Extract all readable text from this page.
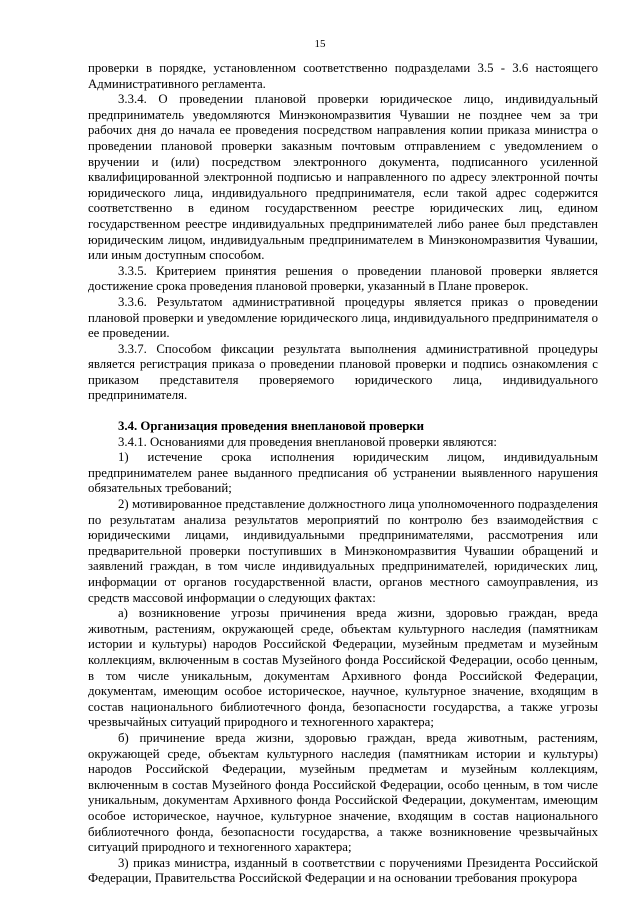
15

проверки в порядке, установленном соответственно подразделами 3.5 - 3.6 настоящего Административного регламента.

3.3.4. О проведении плановой проверки юридическое лицо, индивидуальный предприниматель уведомляются Минэкономразвития Чувашии не позднее чем за три рабочих дня до начала ее проведения посредством направления копии приказа министра о проведении плановой проверки заказным почтовым отправлением с уведомлением о вручении и (или) посредством электронного документа, подписанного усиленной квалифицированной электронной подписью и направленного по адресу электронной почты юридического лица, индивидуального предпринимателя, если такой адрес содержится соответственно в едином государственном реестре юридических лиц, едином государственном реестре индивидуальных предпринимателей либо ранее был представлен юридическим лицом, индивидуальным предпринимателем в Минэкономразвития Чувашии, или иным доступным способом.

3.3.5. Критерием принятия решения о проведении плановой проверки является достижение срока проведения плановой проверки, указанный в Плане проверок.

3.3.6. Результатом административной процедуры является приказ о проведении плановой проверки и уведомление юридического лица, индивидуального предпринимателя о ее проведении.

3.3.7. Способом фиксации результата выполнения административной процедуры является регистрация приказа о проведении плановой проверки и подпись ознакомления с приказом представителя проверяемого юридического лица, индивидуального предпринимателя.

3.4. Организация проведения внеплановой проверки

3.4.1. Основаниями для проведения внеплановой проверки являются:

1) истечение срока исполнения юридическим лицом, индивидуальным предпринимателем ранее выданного предписания об устранении выявленного нарушения обязательных требований;

2) мотивированное представление должностного лица уполномоченного подразделения по результатам анализа результатов мероприятий по контролю без взаимодействия с юридическими лицами, индивидуальными предпринимателями, рассмотрения или предварительной проверки поступивших в Минэкономразвития Чувашии обращений и заявлений граждан, в том числе индивидуальных предпринимателей, юридических лиц, информации от органов государственной власти, органов местного самоуправления, из средств массовой информации о следующих фактах:

а) возникновение угрозы причинения вреда жизни, здоровью граждан, вреда животным, растениям, окружающей среде, объектам культурного наследия (памятникам истории и культуры) народов Российской Федерации, музейным предметам и музейным коллекциям, включенным в состав Музейного фонда Российской Федерации, особо ценным, в том числе уникальным, документам Архивного фонда Российской Федерации, документам, имеющим особое историческое, научное, культурное значение, входящим в состав национального библиотечного фонда, безопасности государства, а также угрозы чрезвычайных ситуаций природного и техногенного характера;

б) причинение вреда жизни, здоровью граждан, вреда животным, растениям, окружающей среде, объектам культурного наследия (памятникам истории и культуры) народов Российской Федерации, музейным предметам и музейным коллекциям, включенным в состав Музейного фонда Российской Федерации, особо ценным, в том числе уникальным, документам Архивного фонда Российской Федерации, документам, имеющим особое историческое, научное, культурное значение, входящим в состав национального библиотечного фонда, безопасности государства, а также возникновение чрезвычайных ситуаций природного и техногенного характера;

3) приказ министра, изданный в соответствии с поручениями Президента Российской Федерации, Правительства Российской Федерации и на основании требования прокурора
